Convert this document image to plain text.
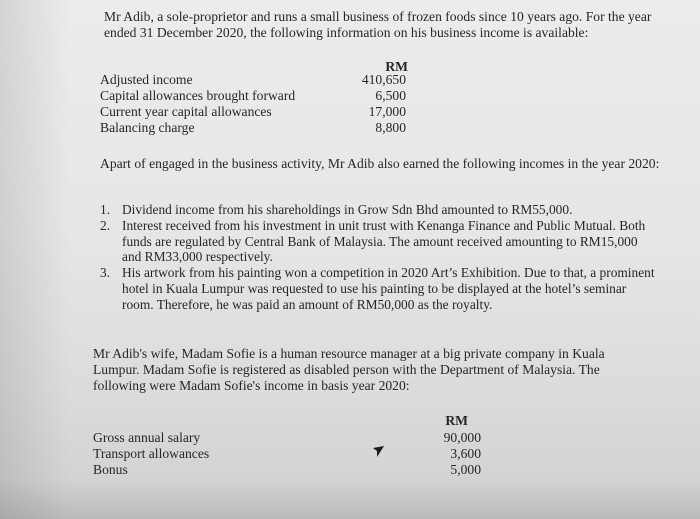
Mr Adib, a sole-proprietor and runs a small business of frozen foods since 10 years ago. For the year ended 31 December 2020, the following information on his business income is available:

RM
Adjusted income	410,650
Capital allowances brought forward	6,500
Current year capital allowances	17,000
Balancing charge	8,800

Apart of engaged in the business activity, Mr Adib also earned the following incomes in the year 2020:

1. Dividend income from his shareholdings in Grow Sdn Bhd amounted to RM55,000.
2. Interest received from his investment in unit trust with Kenanga Finance and Public Mutual. Both funds are regulated by Central Bank of Malaysia. The amount received amounting to RM15,000 and RM33,000 respectively.
3. His artwork from his painting won a competition in 2020 Art’s Exhibition. Due to that, a prominent hotel in Kuala Lumpur was requested to use his painting to be displayed at the hotel’s seminar room. Therefore, he was paid an amount of RM50,000 as the royalty.

Mr Adib's wife, Madam Sofie is a human resource manager at a big private company in Kuala Lumpur. Madam Sofie is registered as disabled person with the Department of Malaysia. The following were Madam Sofie's income in basis year 2020:

RM
Gross annual salary	90,000
Transport allowances	3,600
Bonus	5,000
